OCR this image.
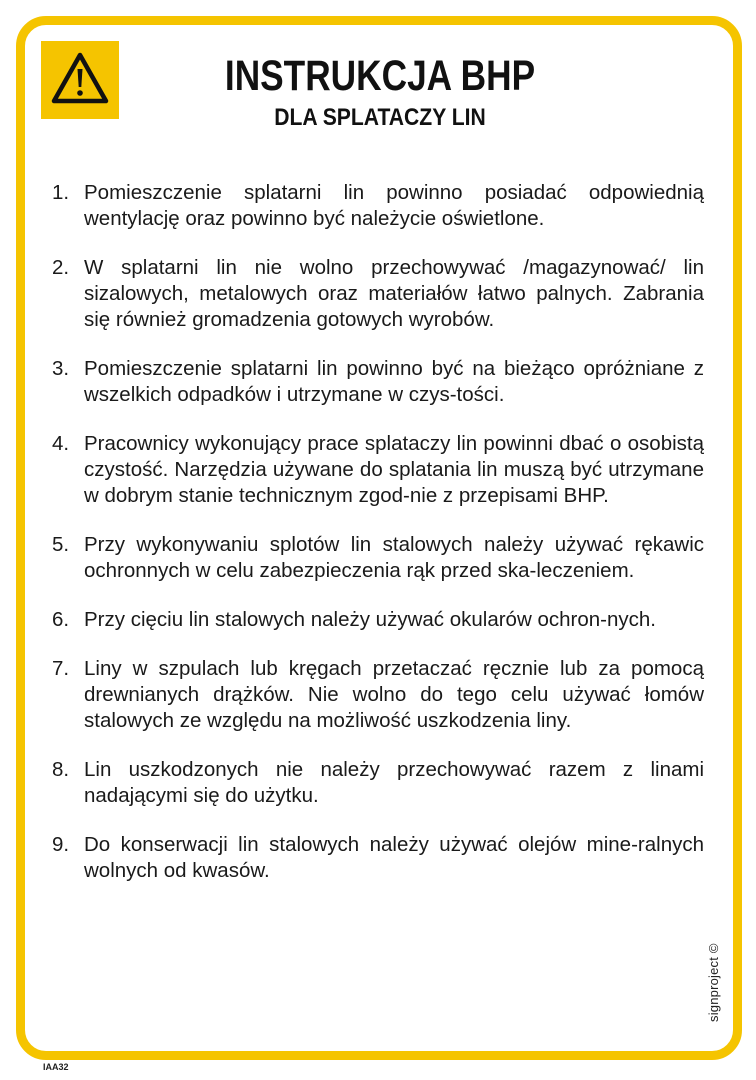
INSTRUKCJA BHP
DLA SPLATACZY LIN
1. Pomieszczenie splatarni lin powinno posiadać odpowiednią wentylację oraz powinno być należycie oświetlone.
2. W splatarni lin nie wolno przechowywać /magazynować/ lin sizalowych, metalowych oraz materiałów łatwo palnych. Zabrania się również gromadzenia gotowych wyrobów.
3. Pomieszczenie splatarni lin powinno być na bieżąco opróżniane z wszelkich odpadków i utrzymane w czys-tości.
4. Pracownicy wykonujący prace splataczy lin powinni dbać o osobistą czystość. Narzędzia używane do splatania lin muszą być utrzymane w dobrym stanie technicznym zgod-nie z przepisami BHP.
5. Przy wykonywaniu splotów lin stalowych należy używać rękawic ochronnych w celu zabezpieczenia rąk przed ska-leczeniem.
6. Przy cięciu lin stalowych należy używać okularów ochron-nych.
7. Liny w szpulach lub kręgach przetaczać ręcznie lub za pomocą drewnianych drążków. Nie wolno do tego celu używać łomów stalowych ze względu na możliwość uszkodzenia liny.
8. Lin uszkodzonych nie należy przechowywać razem z linami nadającymi się do użytku.
9. Do konserwacji lin stalowych należy używać olejów mine-ralnych wolnych od kwasów.
signproject ©
IAA32
